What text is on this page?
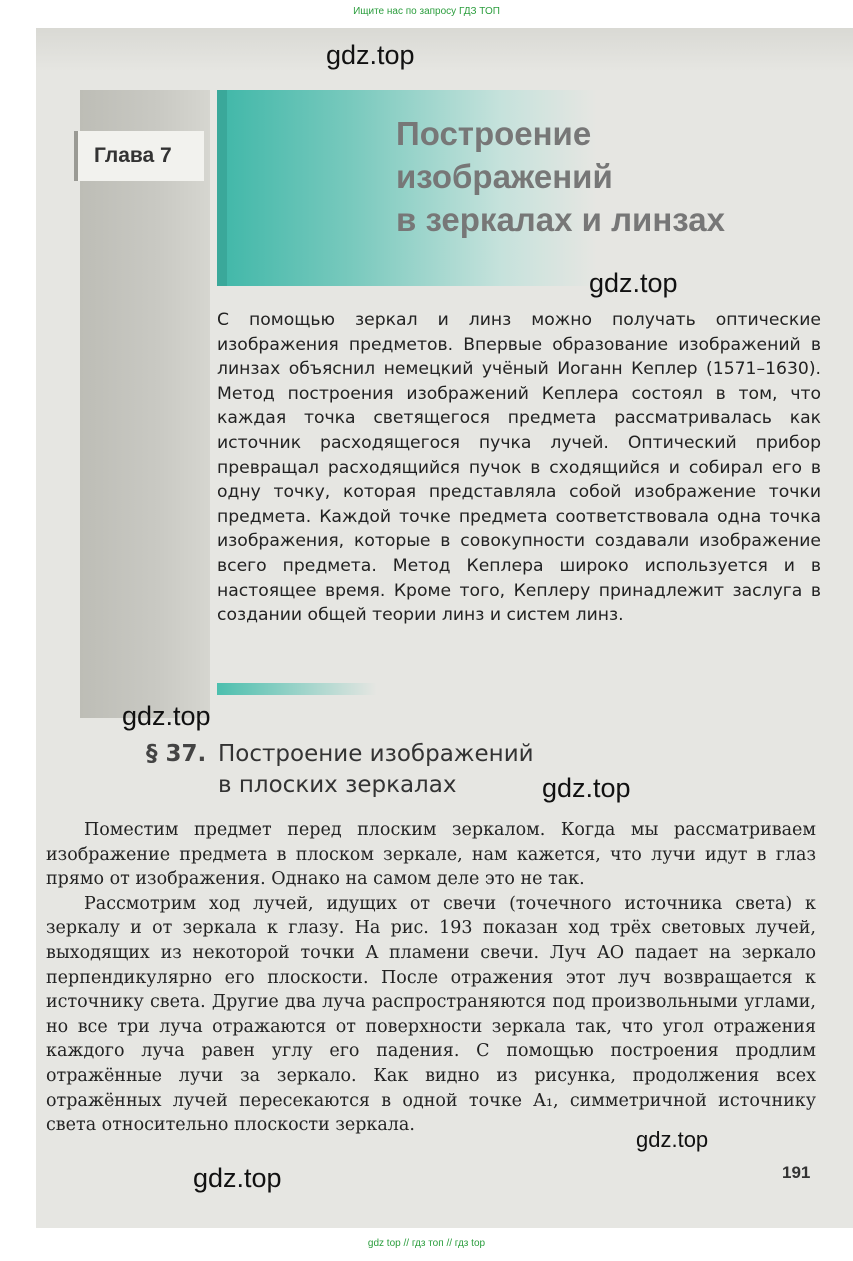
Ищите нас по запросу ГДЗ ТОП
Глава 7
Построение
изображений
в зеркалах и линзах
С помощью зеркал и линз можно получать оптические изображения предметов. Впервые образование изображений в линзах объяснил немецкий учёный Иоганн Кеплер (1571–1630). Метод построения изображений Кеплера состоял в том, что каждая точка светящегося предмета рассматривалась как источник расходящегося пучка лучей. Оптический прибор превращал расходящийся пучок в сходящийся и собирал его в одну точку, которая представляла собой изображение точки предмета. Каждой точке предмета соответствовала одна точка изображения, которые в совокупности создавали изображение всего предмета. Метод Кеплера широко используется и в настоящее время. Кроме того, Кеплеру принадлежит заслуга в создании общей теории линз и систем линз.
§ 37. Построение изображений
в плоских зеркалах

Поместим предмет перед плоским зеркалом. Когда мы рассматриваем изображение предмета в плоском зеркале, нам кажется, что лучи идут в глаз прямо от изображения. Однако на самом деле это не так.

Рассмотрим ход лучей, идущих от свечи (точечного источника света) к зеркалу и от зеркала к глазу. На рис. 193 показан ход трёх световых лучей, выходящих из некоторой точки A пламени свечи. Луч AO падает на зеркало перпендикулярно его плоскости. После отражения этот луч возвращается к источнику света. Другие два луча распространяются под произвольными углами, но все три луча отражаются от поверхности зеркала так, что угол отражения каждого луча равен углу его падения. С помощью построения продлим отражённые лучи за зеркало. Как видно из рисунка, продолжения всех отражённых лучей пересекаются в одной точке A₁, симметричной источнику света относительно плоскости зеркала.

191
gdz.top
gdz.top
gdz.top
gdz.top
gdz.top
gdz.top
gdz top // гдз топ // гдз top
